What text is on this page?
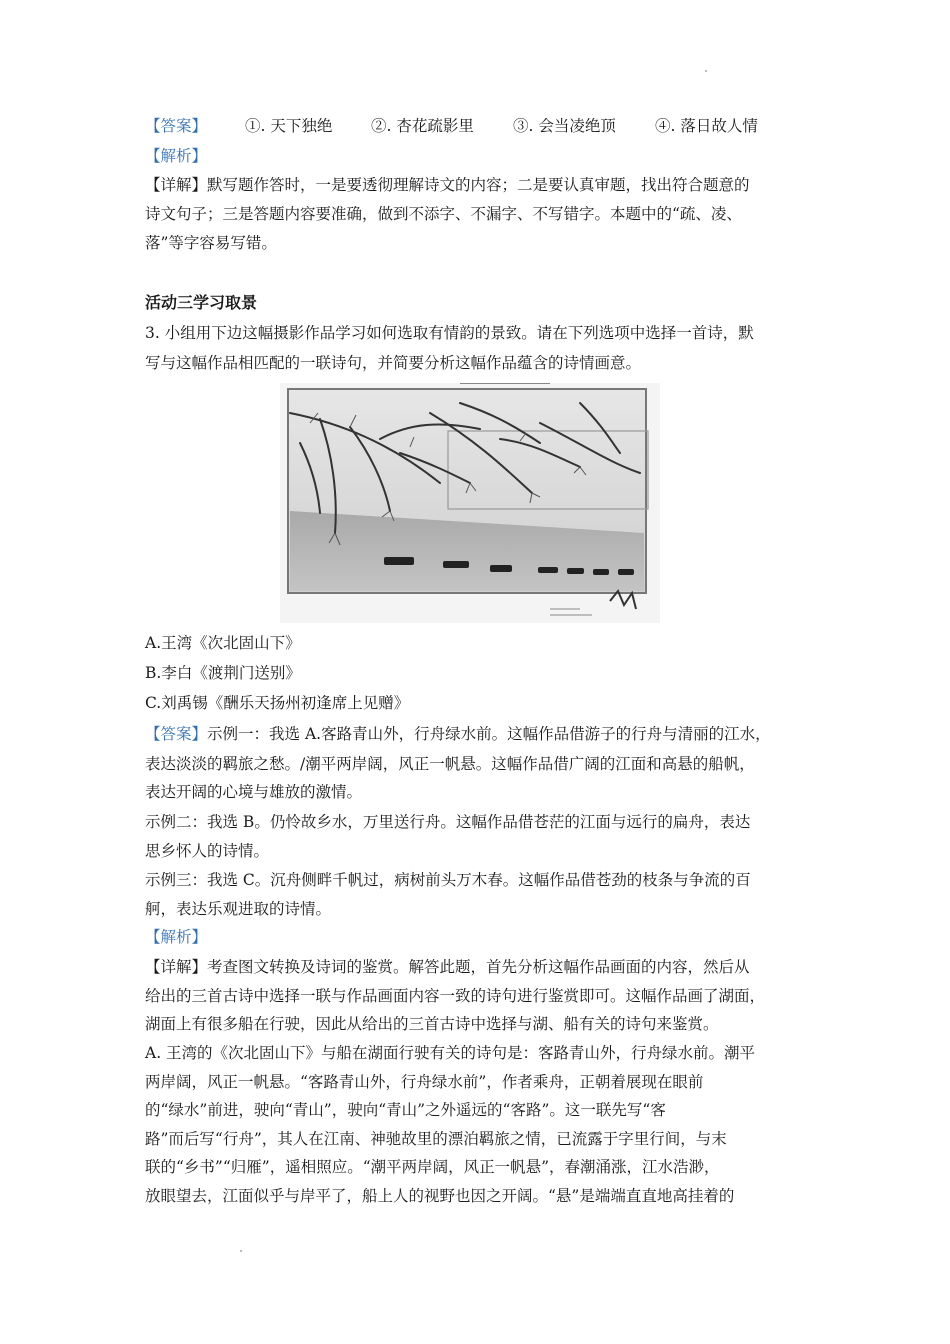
【答案】 ①. 天下独绝 ②. 杏花疏影里	③. 会当凌绝顶	④. 落日故人情
【解析】
【详解】默写题作答时，一是要透彻理解诗文的内容；二是要认真审题，找出符合题意的
诗文句子；三是答题内容要准确，做到不添字、不漏字、不写错字。本题中的“疏、凌、
落”等字容易写错。
活动三学习取景
3. 小组用下边这幅摄影作品学习如何选取有情韵的景致。请在下列选项中选择一首诗，默
写与这幅作品相匹配的一联诗句，并简要分析这幅作品蕴含的诗情画意。
A.王湾《次北固山下》
B.李白《渡荆门送别》
C.刘禹锡《酬乐天扬州初逢席上见赠》
【答案】示例一：我选 A.客路青山外，行舟绿水前。这幅作品借游子的行舟与清丽的江水，
表达淡淡的羁旅之愁。/潮平两岸阔，风正一帆悬。这幅作品借广阔的江面和高悬的船帆，
表达开阔的心境与雄放的激情。
示例二：我选 B。仍怜故乡水，万里送行舟。这幅作品借苍茫的江面与远行的扁舟，表达
思乡怀人的诗情。
示例三：我选 C。沉舟侧畔千帆过，病树前头万木春。这幅作品借苍劲的枝条与争流的百
舸，表达乐观进取的诗情。
【解析】
【详解】考查图文转换及诗词的鉴赏。解答此题，首先分析这幅作品画面的内容，然后从
给出的三首古诗中选择一联与作品画面内容一致的诗句进行鉴赏即可。这幅作品画了湖面，
湖面上有很多船在行驶，因此从给出的三首古诗中选择与湖、船有关的诗句来鉴赏。
A. 王湾的《次北固山下》与船在湖面行驶有关的诗句是：客路青山外，行舟绿水前。潮平
两岸阔，风正一帆悬。“客路青山外，行舟绿水前”，作者乘舟，正朝着展现在眼前
的“绿水”前进，驶向“青山”，驶向“青山”之外遥远的“客路”。这一联先写“客
路”而后写“行舟”，其人在江南、神驰故里的漂泊羁旅之情，已流露于字里行间，与末
联的“乡书”“归雁”，遥相照应。“潮平两岸阔，风正一帆悬”，春潮涌涨，江水浩渺，
放眼望去，江面似乎与岸平了，船上人的视野也因之开阔。“悬”是端端直直地高挂着的
